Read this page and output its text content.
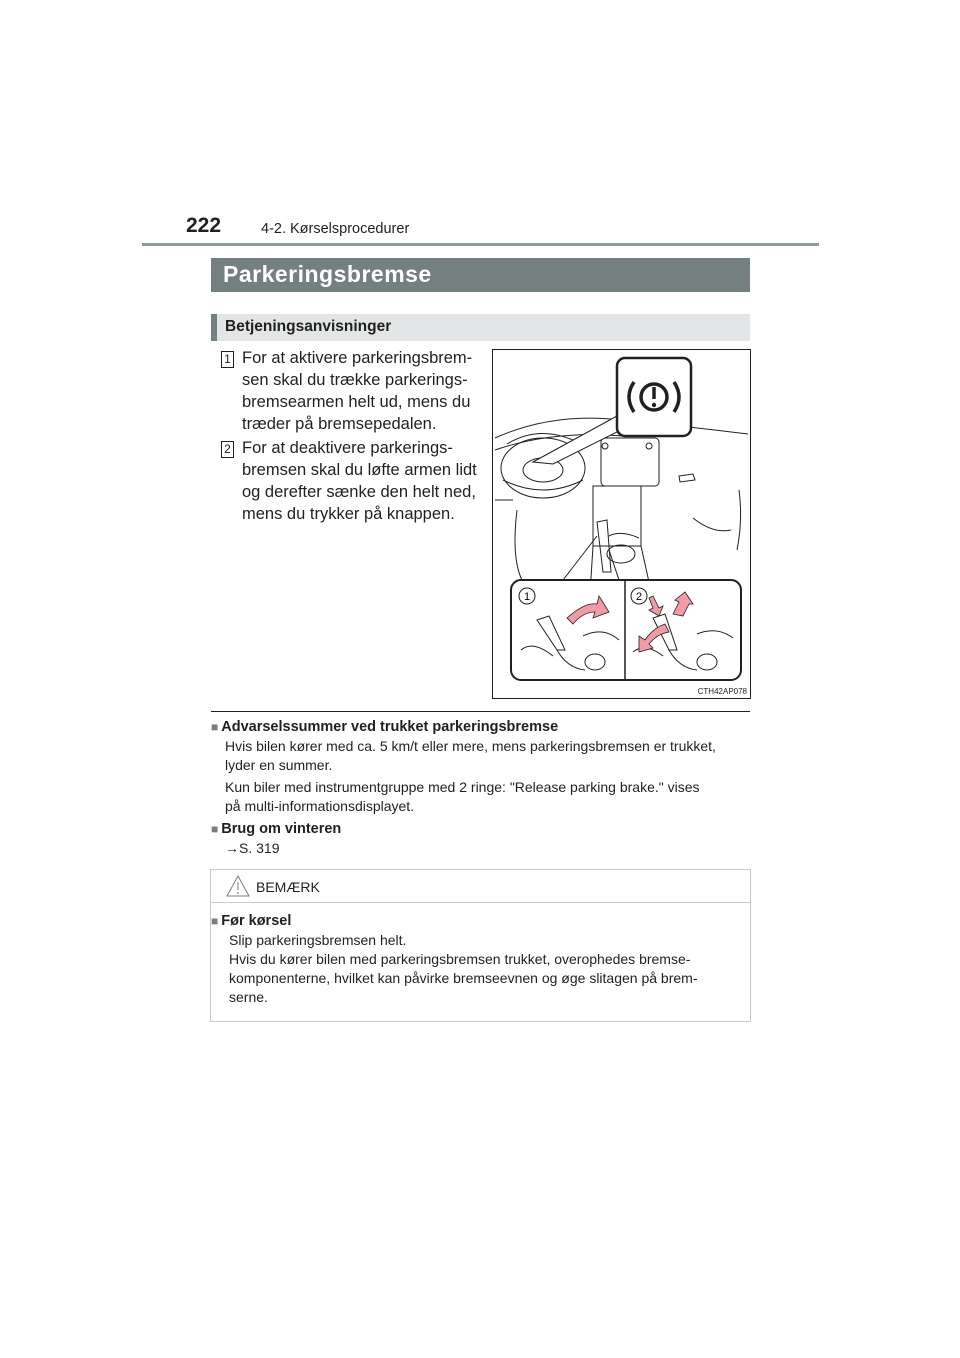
222	4-2. Kørselsprocedurer
Parkeringsbremse
Betjeningsanvisninger
1 For at aktivere parkeringsbrem-
sen skal du trække parkerings-
bremsearmen helt ud, mens du
træder på bremsepedalen.
2 For at deaktivere parkerings-
bremsen skal du løfte armen lidt
og derefter sænke den helt ned,
mens du trykker på knappen.
1	2
CTH42AP078
■ Advarselssummer ved trukket parkeringsbremse
Hvis bilen kører med ca. 5 km/t eller mere, mens parkeringsbremsen er trukket,
lyder en summer.
Kun biler med instrumentgruppe med 2 ringe: "Release parking brake." vises
på multi-informationsdisplayet.
■ Brug om vinteren
→S. 319
BEMÆRK
■ Før kørsel
Slip parkeringsbremsen helt.
Hvis du kører bilen med parkeringsbremsen trukket, overophedes bremse-
komponenterne, hvilket kan påvirke bremseevnen og øge slitagen på brem-
serne.
